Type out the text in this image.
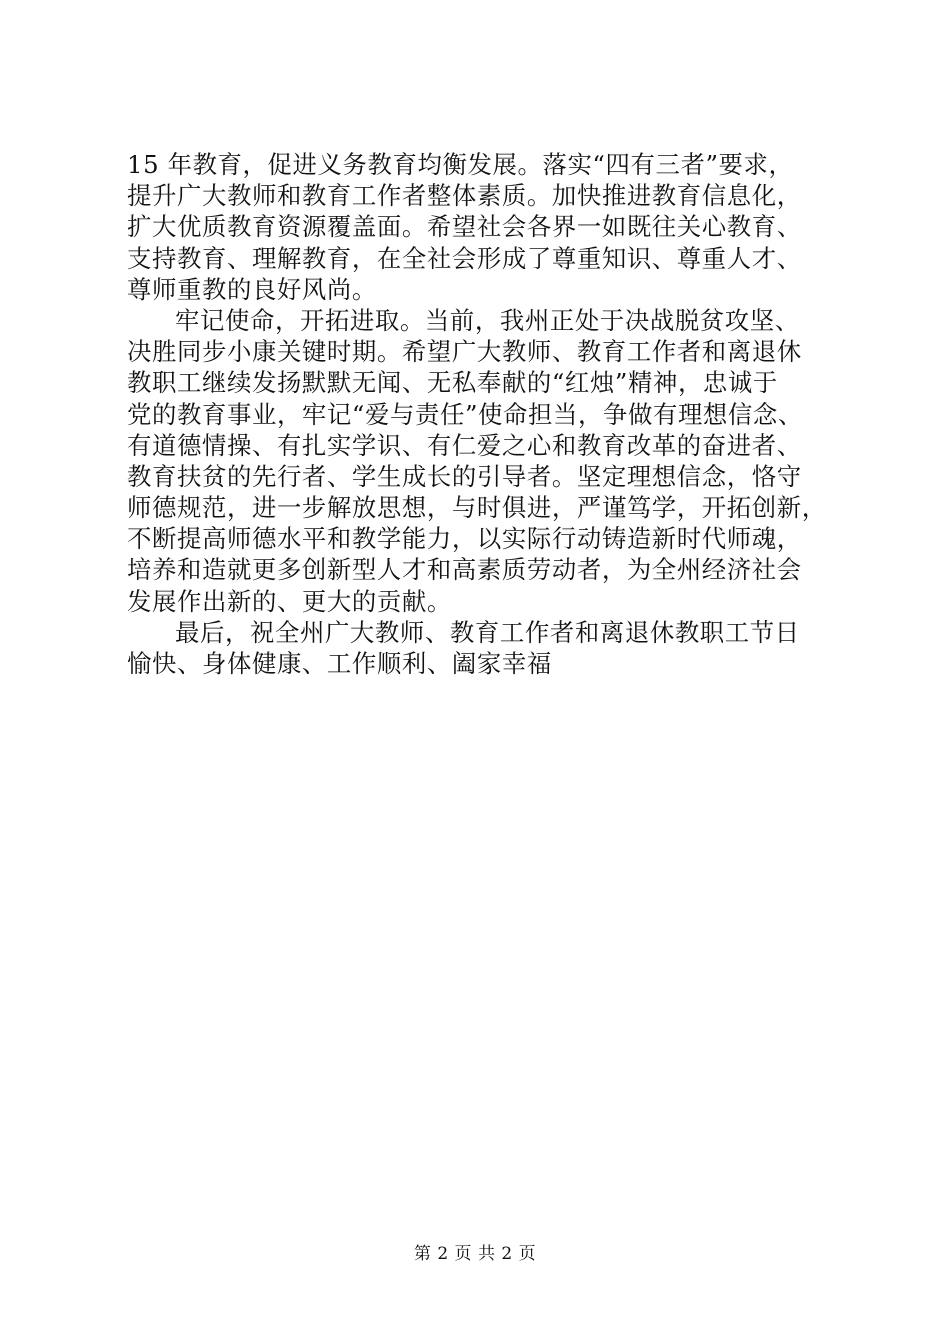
15 年教育，促进义务教育均衡发展。落实“四有三者”要求，
提升广大教师和教育工作者整体素质。加快推进教育信息化，
扩大优质教育资源覆盖面。希望社会各界一如既往关心教育、
支持教育、理解教育，在全社会形成了尊重知识、尊重人才、
尊师重教的良好风尚。
牢记使命，开拓进取。当前，我州正处于决战脱贫攻坚、
决胜同步小康关键时期。希望广大教师、教育工作者和离退休
教职工继续发扬默默无闻、无私奉献的“红烛”精神，忠诚于
党的教育事业，牢记“爱与责任”使命担当，争做有理想信念、
有道德情操、有扎实学识、有仁爱之心和教育改革的奋进者、
教育扶贫的先行者、学生成长的引导者。坚定理想信念，恪守
师德规范，进一步解放思想，与时俱进，严谨笃学，开拓创新，
不断提高师德水平和教学能力，以实际行动铸造新时代师魂，
培养和造就更多创新型人才和高素质劳动者，为全州经济社会
发展作出新的、更大的贡献。
最后，祝全州广大教师、教育工作者和离退休教职工节日
愉快、身体健康、工作顺利、阖家幸福
第 2 页 共 2 页
